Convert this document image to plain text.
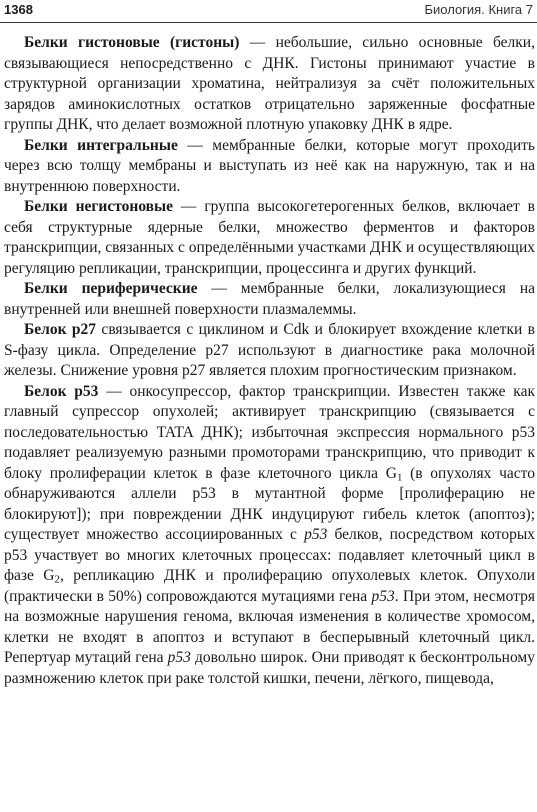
1368	Биология. Книга 7

Белки гистоновые (гистоны) — небольшие, сильно основные белки, связывающиеся непосредственно с ДНК. Гистоны принимают участие в структурной организации хроматина, нейтрализуя за счёт положительных зарядов аминокислотных остатков отрицательно заряженные фосфатные группы ДНК, что делает возможной плотную упаковку ДНК в ядре.

Белки интегральные — мембранные белки, которые могут проходить через всю толщу мембраны и выступать из неё как на наружную, так и на внутреннюю поверхности.

Белки негистоновые — группа высокогетерогенных белков, включает в себя структурные ядерные белки, множество ферментов и факторов транскрипции, связанных с определёнными участками ДНК и осуществляющих регуляцию репликации, транскрипции, процессинга и других функций.

Белки периферические — мембранные белки, локализующиеся на внутренней или внешней поверхности плазмалеммы.

Белок p27 связывается с циклином и Cdk и блокирует вхождение клетки в S-фазу цикла. Определение p27 используют в диагностике рака молочной железы. Снижение уровня p27 является плохим прогностическим признаком.

Белок p53 — онкосупрессор, фактор транскрипции. Известен также как главный супрессор опухолей; активирует транскрипцию (связывается с последовательностью TATA ДНК); избыточная экспрессия нормального p53 подавляет реализуемую разными промоторами транскрипцию, что приводит к блоку пролиферации клеток в фазе клеточного цикла $G_1$ (в опухолях часто обнаруживаются аллели p53 в мутантной форме [пролиферацию не блокируют]); при повреждении ДНК индуцируют гибель клеток (апоптоз); существует множество ассоциированных с p53 белков, посредством которых p53 участвует во многих клеточных процессах: подавляет клеточный цикл в фазе $G_2$, репликацию ДНК и пролиферацию опухолевых клеток. Опухоли (практически в 50%) сопровождаются мутациями гена p53. При этом, несмотря на возможные нарушения генома, включая изменения в количестве хромосом, клетки не входят в апоптоз и вступают в бесперывный клеточный цикл. Репертуар мутаций гена p53 довольно широк. Они приводят к бесконтрольному размножению клеток при раке толстой кишки, печени, лёгкого, пищевода,
